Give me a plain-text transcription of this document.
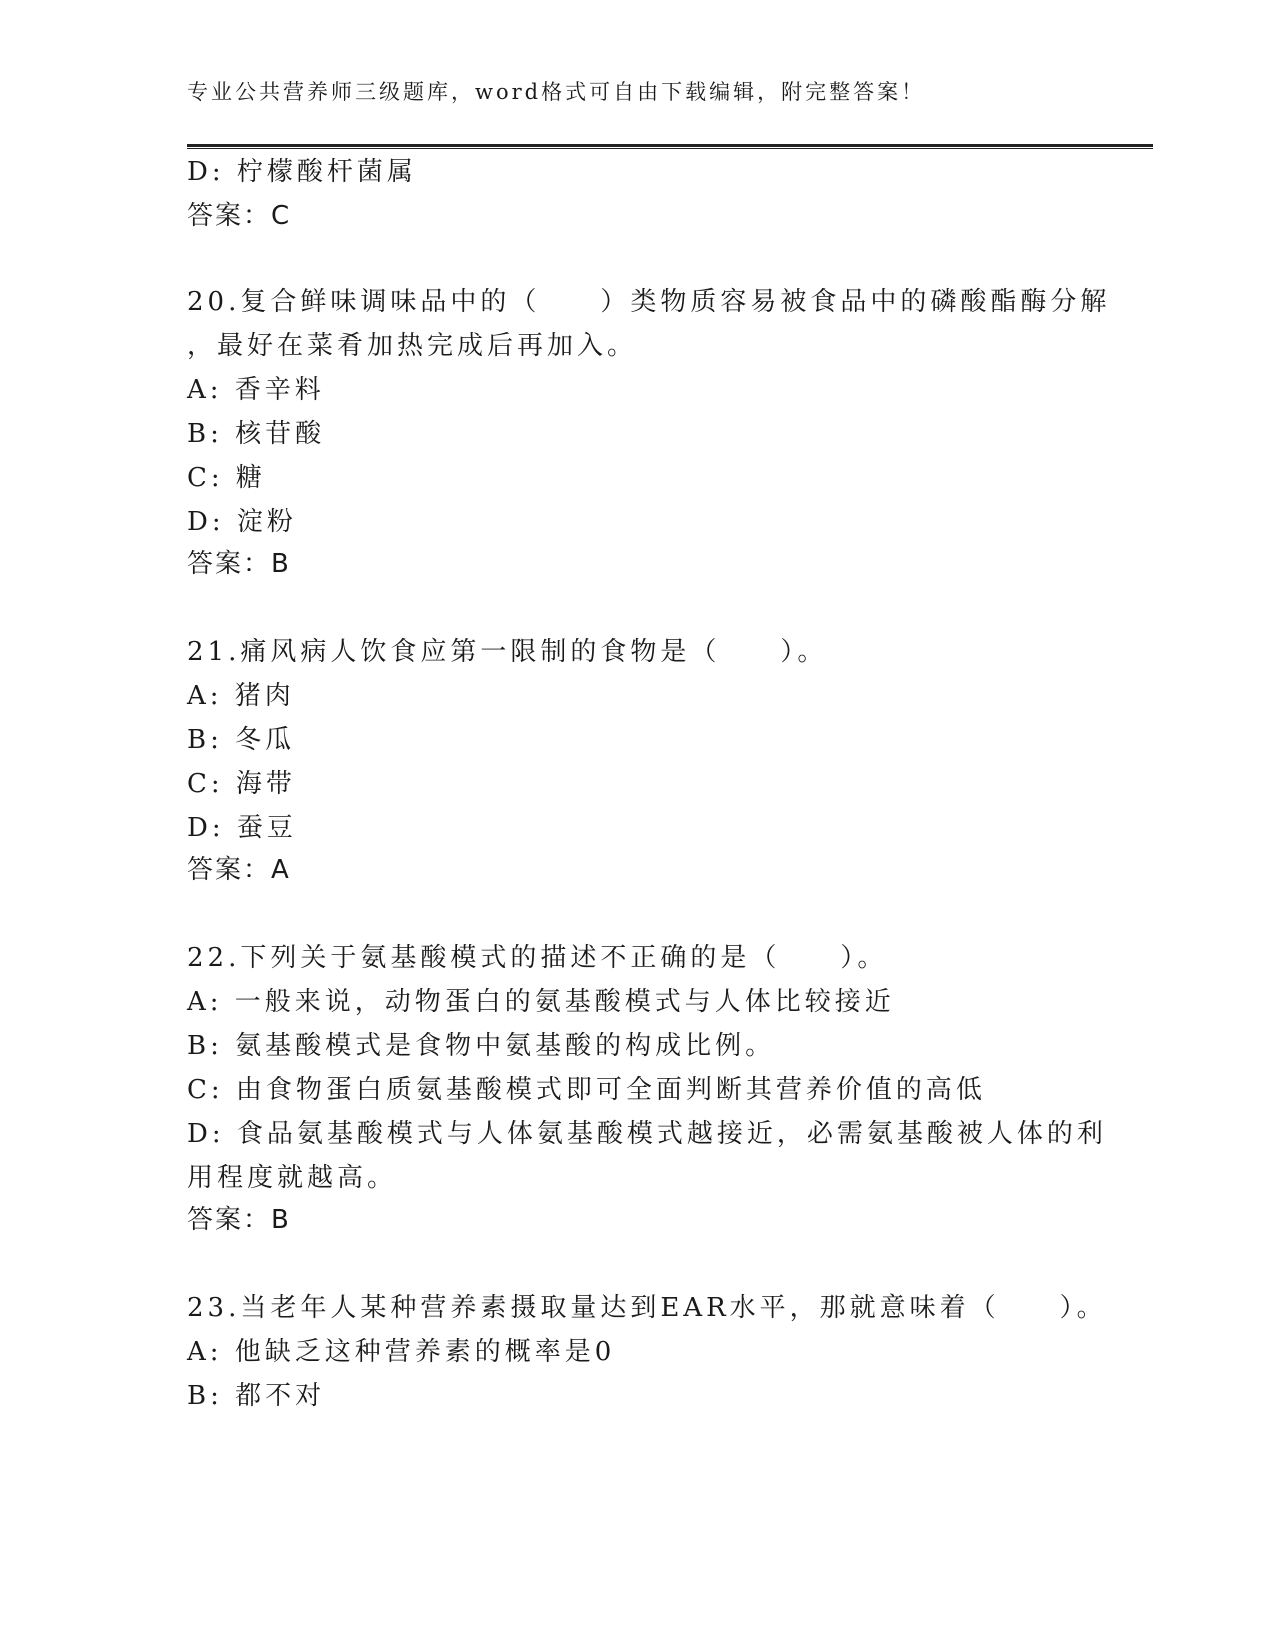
专业公共营养师三级题库，word格式可自由下载编辑，附完整答案！
D: 柠檬酸杆菌属
答案：C
20.复合鲜味调味品中的（　　）类物质容易被食品中的磷酸酯酶分解
，最好在菜肴加热完成后再加入。
A: 香辛料
B: 核苷酸
C: 糖
D: 淀粉
答案：B
21.痛风病人饮食应第一限制的食物是（　　）。
A: 猪肉
B: 冬瓜
C: 海带
D: 蚕豆
答案：A
22.下列关于氨基酸模式的描述不正确的是（　　）。
A: 一般来说，动物蛋白的氨基酸模式与人体比较接近
B: 氨基酸模式是食物中氨基酸的构成比例。
C: 由食物蛋白质氨基酸模式即可全面判断其营养价值的高低
D: 食品氨基酸模式与人体氨基酸模式越接近，必需氨基酸被人体的利
用程度就越高。
答案：B
23.当老年人某种营养素摄取量达到EAR水平，那就意味着（　　）。
A: 他缺乏这种营养素的概率是0
B: 都不对
